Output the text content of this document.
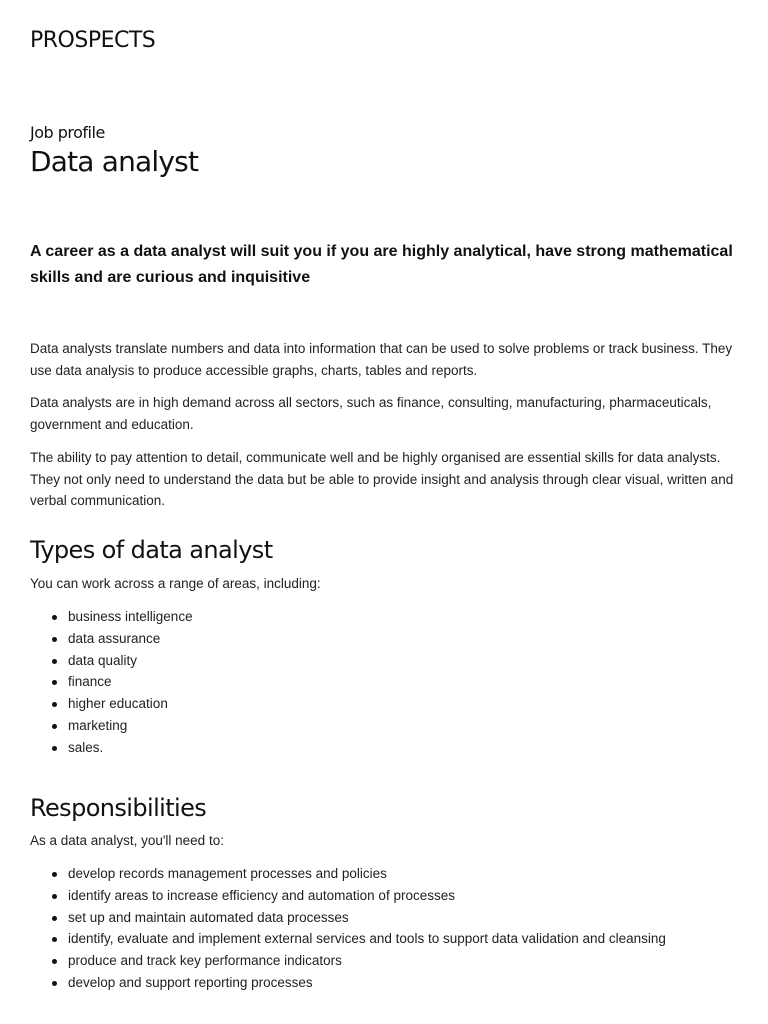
PROSPECTS
Job profile
Data analyst

A career as a data analyst will suit you if you are highly analytical, have strong mathematical skills and are curious and inquisitive

Data analysts translate numbers and data into information that can be used to solve problems or track business. They use data analysis to produce accessible graphs, charts, tables and reports.

Data analysts are in high demand across all sectors, such as finance, consulting, manufacturing, pharmaceuticals, government and education.

The ability to pay attention to detail, communicate well and be highly organised are essential skills for data analysts. They not only need to understand the data but be able to provide insight and analysis through clear visual, written and verbal communication.

Types of data analyst

You can work across a range of areas, including:

business intelligence
data assurance
data quality
finance
higher education
marketing
sales.
Responsibilities

As a data analyst, you'll need to:

develop records management processes and policies
identify areas to increase efficiency and automation of processes
set up and maintain automated data processes
identify, evaluate and implement external services and tools to support data validation and cleansing
produce and track key performance indicators
develop and support reporting processes
